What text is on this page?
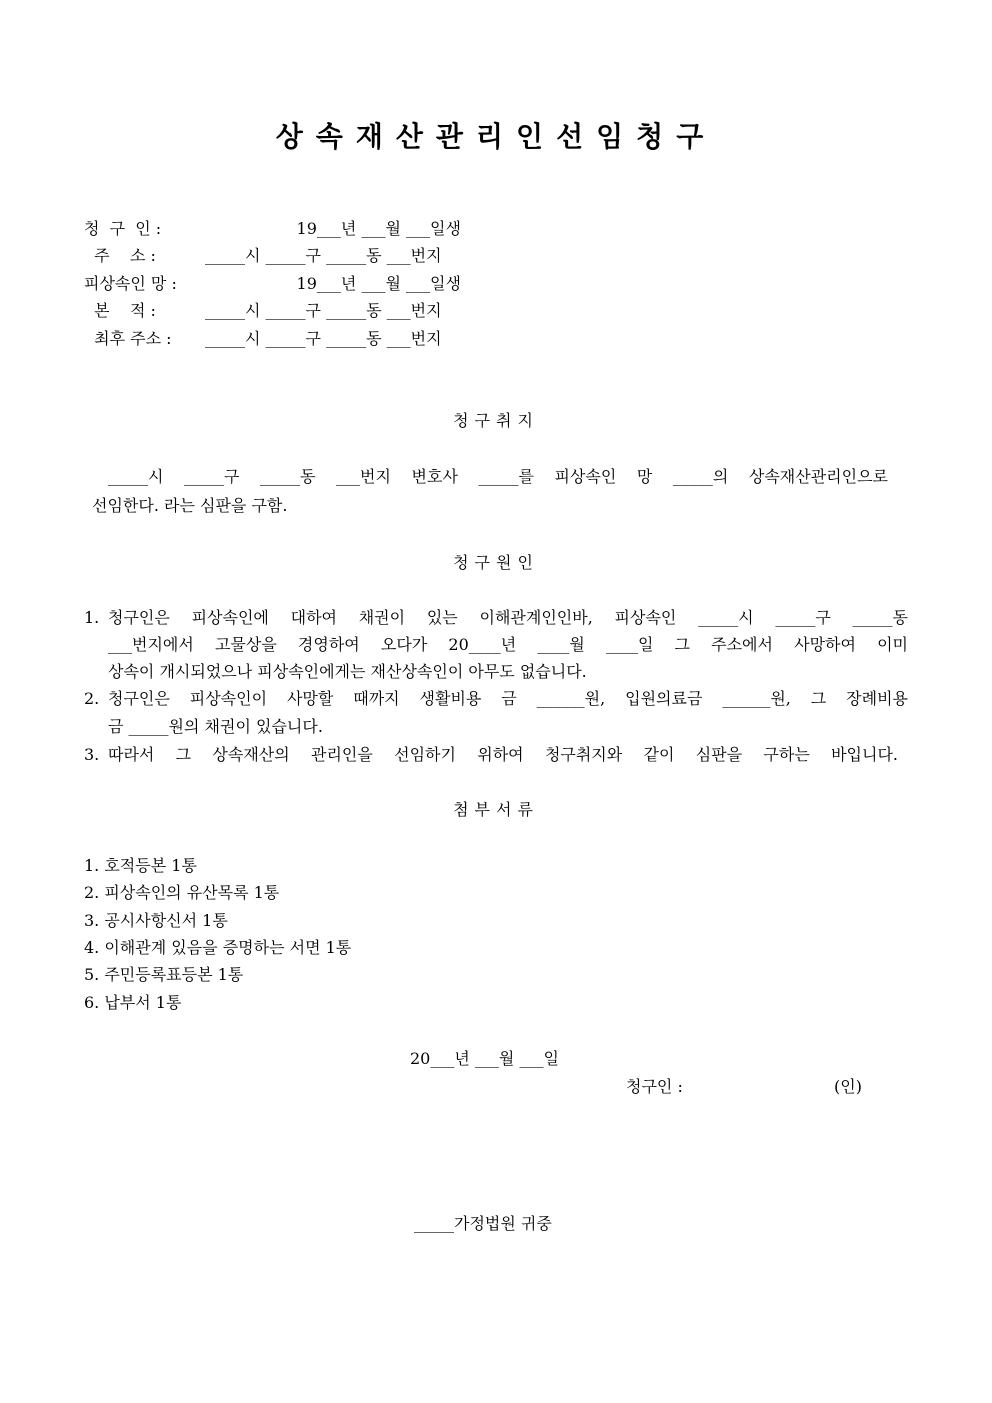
상속재산관리인선임청구
청  구  인 :	19___년 ___월 ___일생
주    소 :	_____시 _____구 _____동 ___번지
피상속인 망 :	19___년 ___월 ___일생
본    적 :	_____시 _____구 _____동 ___번지
최후 주소 :	_____시 _____구 _____동 ___번지
청구취지
_____시 _____구 _____동 ___번지 변호사 _____를 피상속인 망 _____의 상속재산관리인으로
선임한다. 라는 심판을 구함.
청구원인
1. 청구인은 피상속인에 대하여 채권이 있는 이해관계인인바, 피상속인 _____시 _____구 _____동
___번지에서 고물상을 경영하여 오다가 20____년 ____월 ____일 그 주소에서 사망하여 이미
상속이 개시되었으나 피상속인에게는 재산상속인이 아무도 없습니다.
2. 청구인은 피상속인이 사망할 때까지 생활비용 금 ______원, 입원의료금 ______원, 그 장례비용
금 _____원의 채권이 있습니다.
3. 따라서 그 상속재산의 관리인을 선임하기 위하여 청구취지와 같이 심판을 구하는 바입니다.
첨부서류
1. 호적등본 1통
2. 피상속인의 유산목록 1통
3. 공시사항신서 1통
4. 이해관계 있음을 증명하는 서면 1통
5. 주민등록표등본 1통
6. 납부서 1통
20___년 ___월 ___일
청구인 :	(인)
_____가정법원 귀중
